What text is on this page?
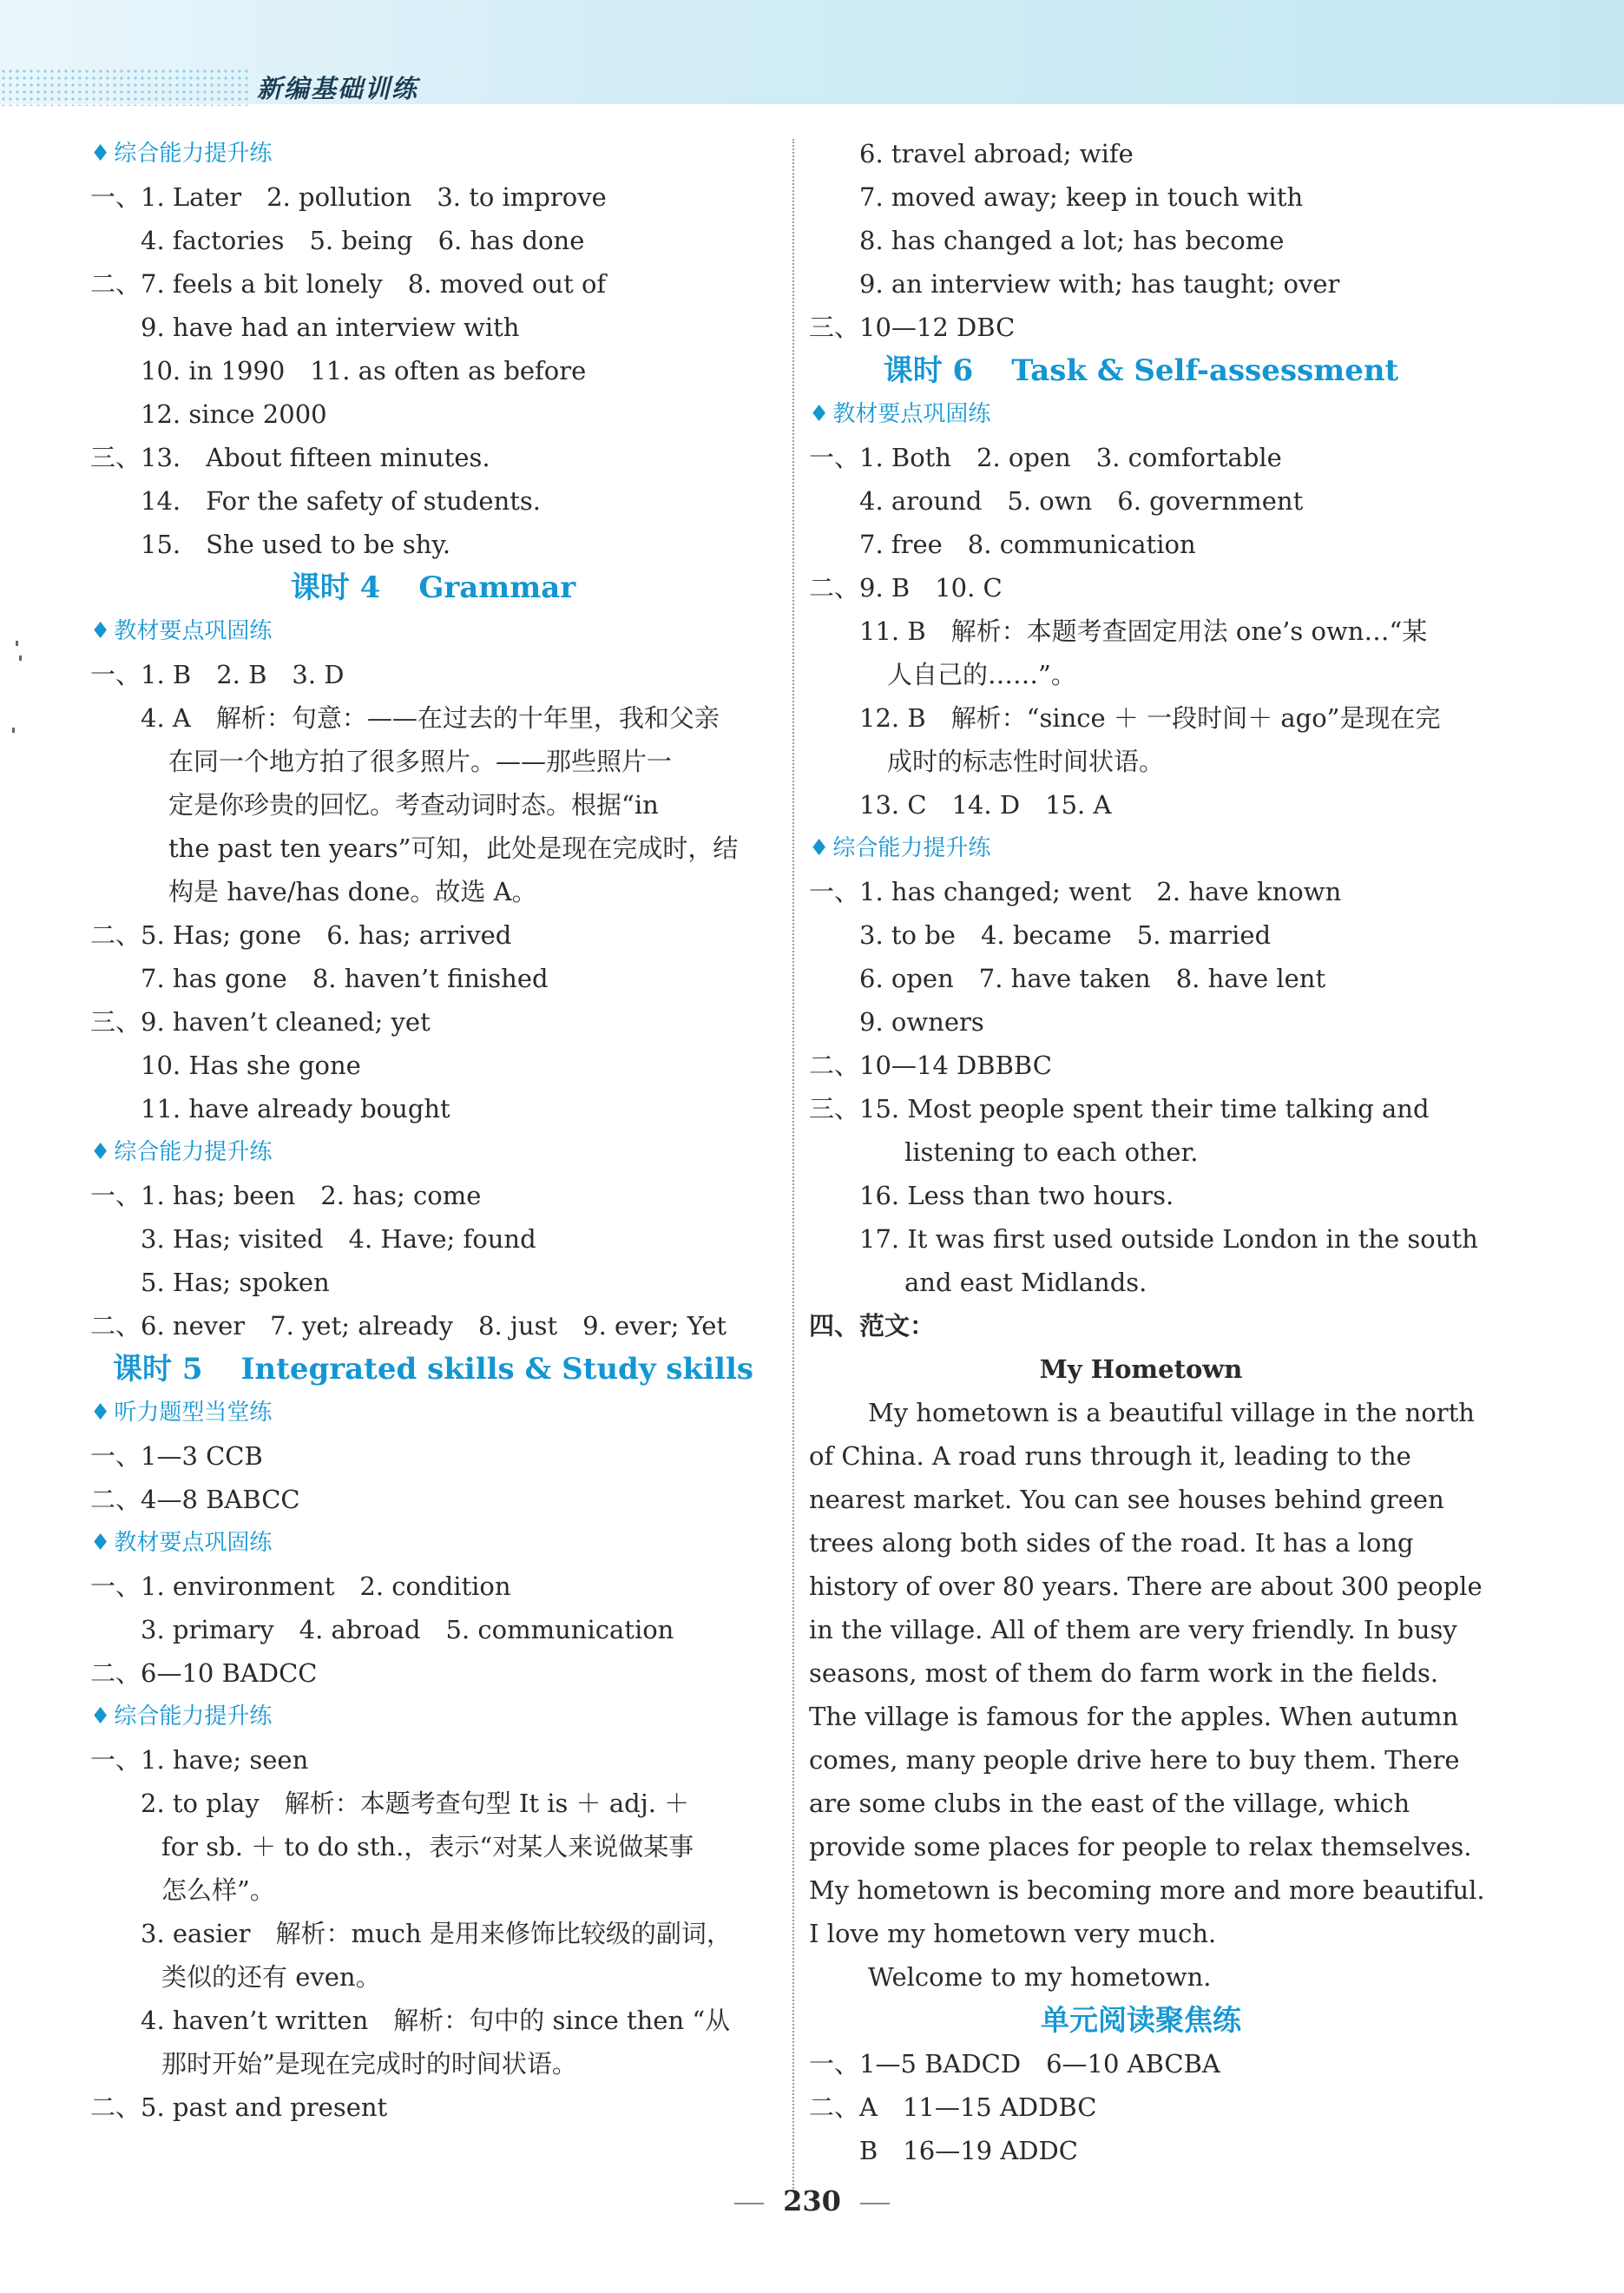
新编基础训练
♦ 综合能力提升练
一、1. Later　2. pollution　3. to improve
4. factories　5. being　6. has done
二、7. feels a bit lonely　8. moved out of
9. have had an interview with
10. in 1990　11. as often as before
12. since 2000
三、13.　About fifteen minutes.
14.　For the safety of students.
15.　She used to be shy.
课时 4 Grammar
♦ 教材要点巩固练
一、1. B　2. B　3. D
4. A　解析：句意：——在过去的十年里，我和父亲
在同一个地方拍了很多照片。——那些照片一
定是你珍贵的回忆。考查动词时态。根据“in
the past ten years”可知，此处是现在完成时，结
构是 have/has done。故选 A。
二、5. Has; gone　6. has; arrived
7. has gone　8. haven’t finished
三、9. haven’t cleaned; yet
10. Has she gone
11. have already bought
♦ 综合能力提升练
一、1. has; been　2. has; come
3. Has; visited　4. Have; found
5. Has; spoken
二、6. never　7. yet; already　8. just　9. ever; Yet
课时 5 Integrated skills & Study skills
♦ 听力题型当堂练
一、1—3 CCB
二、4—8 BABCC
♦ 教材要点巩固练
一、1. environment　2. condition
3. primary　4. abroad　5. communication
二、6—10 BADCC
♦ 综合能力提升练
一、1. have; seen
2. to play　解析：本题考查句型 It is ＋ adj. ＋
for sb. ＋ to do sth.，表示“对某人来说做某事
怎么样”。
3. easier　解析：much 是用来修饰比较级的副词，
类似的还有 even。
4. haven’t written　解析：句中的 since then “从
那时开始”是现在完成时的时间状语。
二、5. past and present
6. travel abroad; wife
7. moved away; keep in touch with
8. has changed a lot; has become
9. an interview with; has taught; over
三、10—12 DBC
课时 6 Task & Self-assessment
♦ 教材要点巩固练
一、1. Both　2. open　3. comfortable
4. around　5. own　6. government
7. free　8. communication
二、9. B　10. C
11. B　解析：本题考查固定用法 one’s own…“某
人自己的……”。
12. B　解析：“since ＋ 一段时间＋ ago”是现在完
成时的标志性时间状语。
13. C　14. D　15. A
♦ 综合能力提升练
一、1. has changed; went　2. have known
3. to be　4. became　5. married
6. open　7. have taken　8. have lent
9. owners
二、10—14 DBBBC
三、15. Most people spent their time talking and
listening to each other.
16. Less than two hours.
17. It was first used outside London in the south
and east Midlands.
四、范文：
My Hometown
My hometown is a beautiful village in the north
of China. A road runs through it, leading to the
nearest market. You can see houses behind green
trees along both sides of the road. It has a long
history of over 80 years. There are about 300 people
in the village. All of them are very friendly. In busy
seasons, most of them do farm work in the fields.
The village is famous for the apples. When autumn
comes, many people drive here to buy them. There
are some clubs in the east of the village, which
provide some places for people to relax themselves.
My hometown is becoming more and more beautiful.
I love my hometown very much.
Welcome to my hometown.
单元阅读聚焦练
一、1—5 BADCD　6—10 ABCBA
二、A　11—15 ADDBC
B　16—19 ADDC
230
